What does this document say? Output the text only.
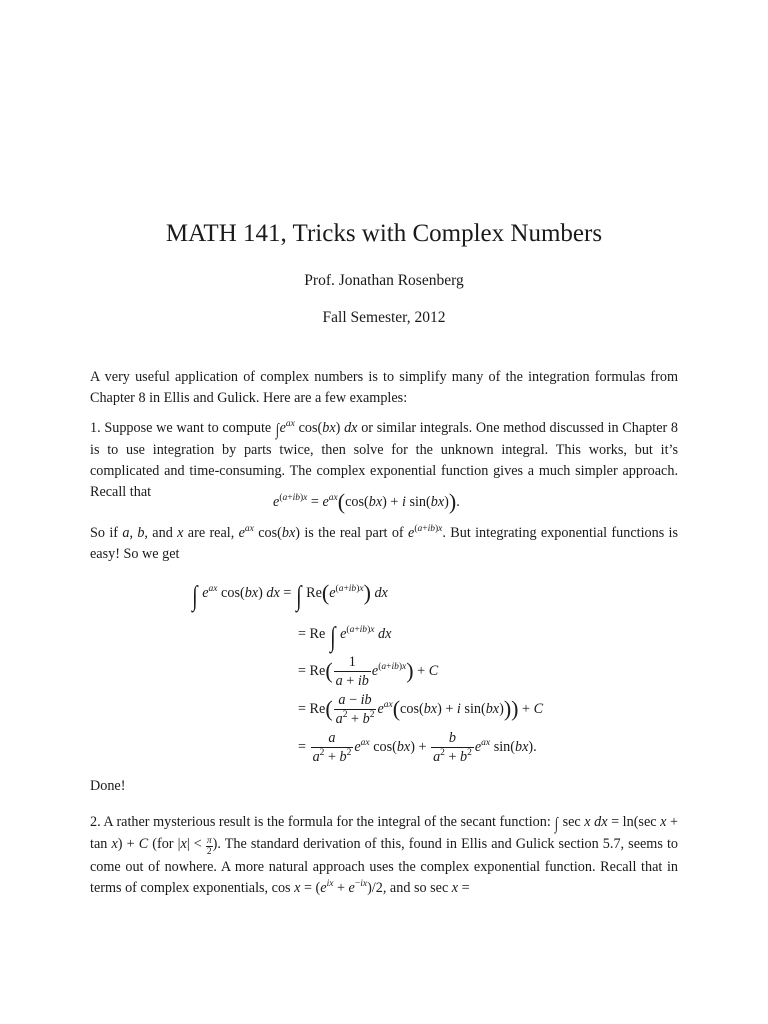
MATH 141, Tricks with Complex Numbers
Prof. Jonathan Rosenberg
Fall Semester, 2012
A very useful application of complex numbers is to simplify many of the integration formulas from Chapter 8 in Ellis and Gulick. Here are a few examples:
1. Suppose we want to compute $\int e^{ax}$ cos(bx) dx or similar integrals. One method discussed in Chapter 8 is to use integration by parts twice, then solve for the unknown integral. This works, but it’s complicated and time-consuming. The complex exponential function gives a much simpler approach. Recall that
$e^{(a+ib)x} = e^{ax}(\cos(bx) + i$ sin(bx)).
So if a, b, and x are real, $e^{ax}$ cos(bx) is the real part of $e^{(a+ib)x}$. But integrating exponential functions is easy! So we get
∫ $e^{ax}$ cos(bx) dx = ∫ $Re(e^{(a+ib)x})$ dx
= Re ∫ $e^{(a+ib)x}$ dx
= $Re( \frac{1}{a + ib} e^{(a+ib)x}) + C$
= $Re( \frac{a - ib}{a^2 + b^2} e^{ax}(\cos(bx) + i$ sin(bx))) + C
= $\frac{a}{a^2 + b^2} e^{ax}$ $\cos(bx) + \frac{b}{a^2 + b^2} e^{ax}$ sin(bx).
Done!
2. A rather mysterious result is the formula for the integral of the secant function: ∫ sec x dx = ln(sec x + tan x) + C (for $|x| < \frac{\pi}{2}$ ). The standard derivation of this, found in Ellis and Gulick section 5.7, seems to come out of nowhere. A more natural approach uses the complex exponential function. Recall that in terms of complex exponentials, $\cos x = (e^{ix} + e^{-ix})/2$, and so sec x =
